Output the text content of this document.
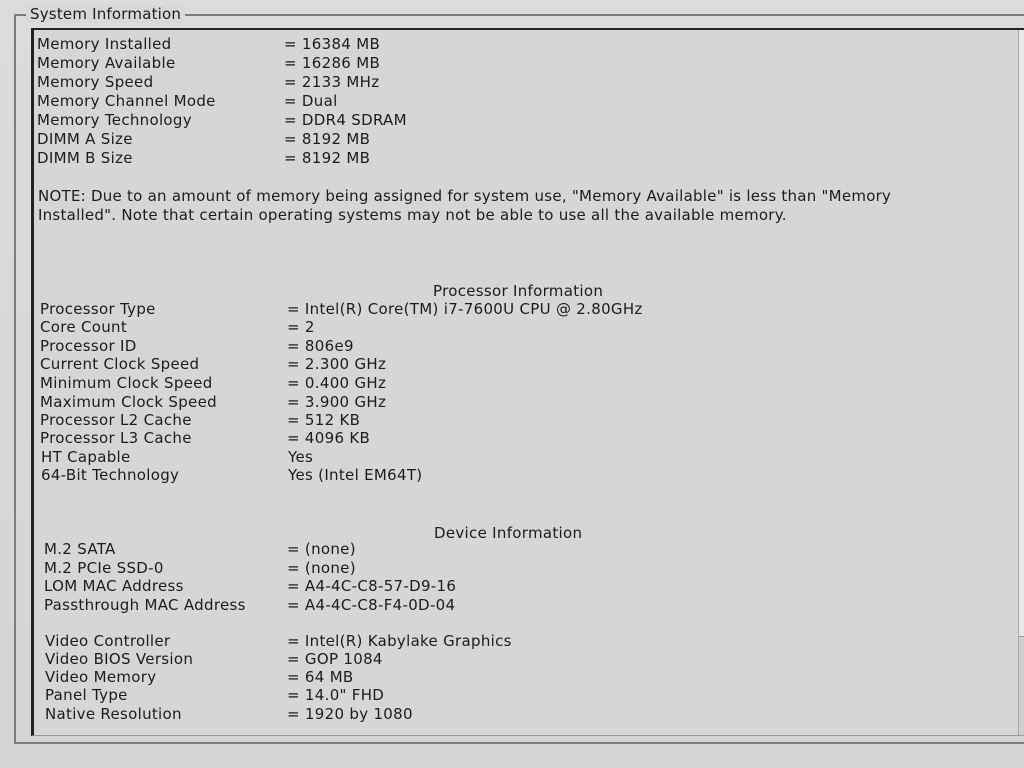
System Information
Memory Installed	= 16384 MB
Memory Available	= 16286 MB
Memory Speed	= 2133 MHz
Memory Channel Mode	= Dual
Memory Technology	= DDR4 SDRAM
DIMM A Size	= 8192 MB
DIMM B Size	= 8192 MB
NOTE: Due to an amount of memory being assigned for system use, "Memory Available" is less than "Memory Installed". Note that certain operating systems may not be able to use all the available memory.
Processor Information
Processor Type	= Intel(R) Core(TM) i7-7600U CPU @ 2.80GHz
Core Count	= 2
Processor ID	= 806e9
Current Clock Speed	= 2.300 GHz
Minimum Clock Speed	= 0.400 GHz
Maximum Clock Speed	= 3.900 GHz
Processor L2 Cache	= 512 KB
Processor L3 Cache	= 4096 KB
HT Capable	Yes
64-Bit Technology	Yes (Intel EM64T)
Device Information
M.2 SATA	= (none)
M.2 PCIe SSD-0	= (none)
LOM MAC Address	= A4-4C-C8-57-D9-16
Passthrough MAC Address	= A4-4C-C8-F4-0D-04
Video Controller	= Intel(R) Kabylake Graphics
Video BIOS Version	= GOP 1084
Video Memory	= 64 MB
Panel Type	= 14.0" FHD
Native Resolution	= 1920 by 1080
